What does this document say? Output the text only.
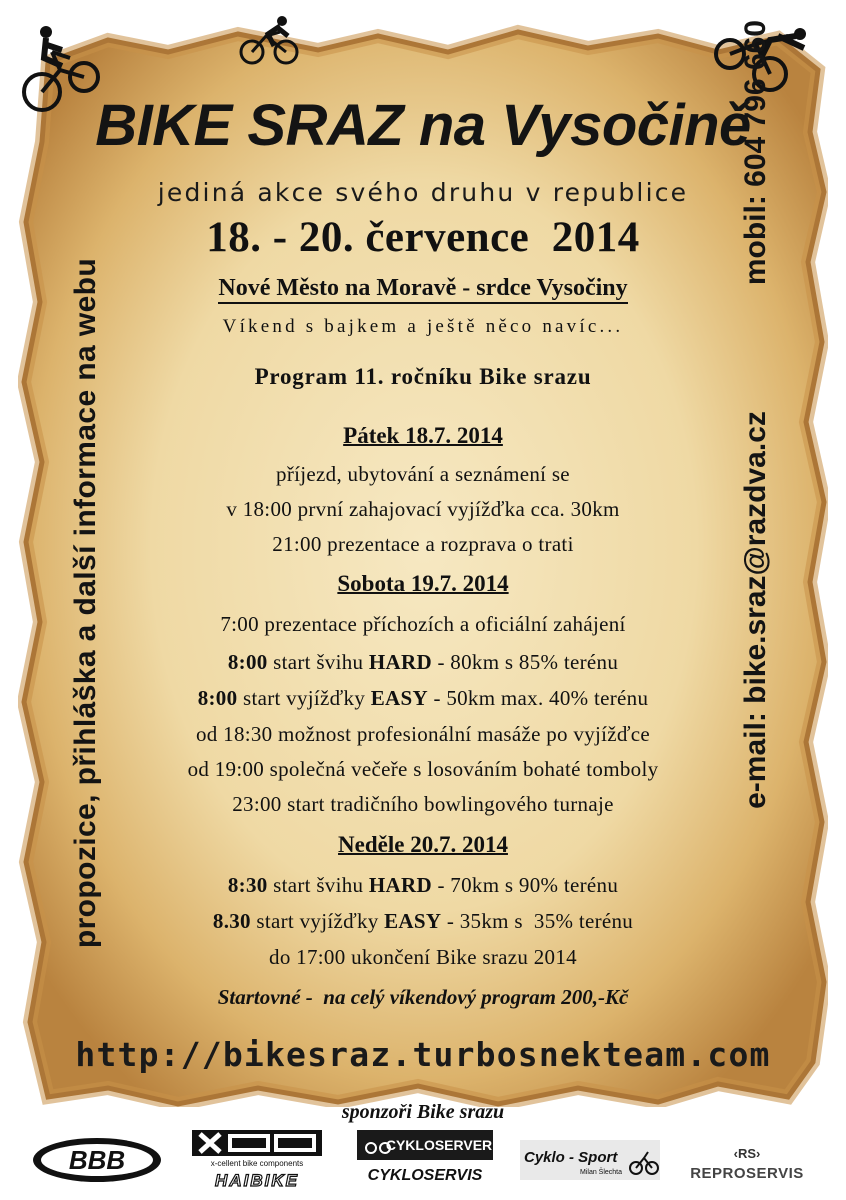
BIKE SRAZ na Vysočině
jediná akce svého druhu v republice
18. - 20. července  2014
Nové Město na Moravě - srdce Vysočiny
Víkend s bajkem a ještě něco navíc...
Program 11. ročníku Bike srazu
Pátek 18.7. 2014
příjezd, ubytování a seznámení se
v 18:00 první zahajovací vyjížďka cca. 30km
21:00 prezentace a rozprava o trati
Sobota 19.7. 2014
7:00 prezentace příchozích a oficiální zahájení
8:00 start švihu HARD - 80km s 85% terénu
8:00 start vyjížďky EASY - 50km max. 40% terénu
od 18:30 možnost profesionální masáže po vyjížďce
od 19:00 společná večeře s losováním bohaté tomboly
23:00 start tradičního bowlingového turnaje
Neděle 20.7. 2014
8:30 start švihu HARD - 70km s 90% terénu
8.30 start vyjížďky EASY - 35km s  35% terénu
do 17:00 ukončení Bike srazu 2014
Startovné -  na celý víkendový program 200,-Kč
http://bikesraz.turbosnekteam.com
propozice, přihláška a další informace na webu	e-mail: bike.sraz@razdva.cz
mobil: 604 796 660
sponzoři Bike srazu
BBB	x-cellent bike components
HAIBIKE
CYKLOSERVER
CYKLOSERVIS
Cyklo - Sport
Milan Šlechta
‹RS›
REPROSERVIS
